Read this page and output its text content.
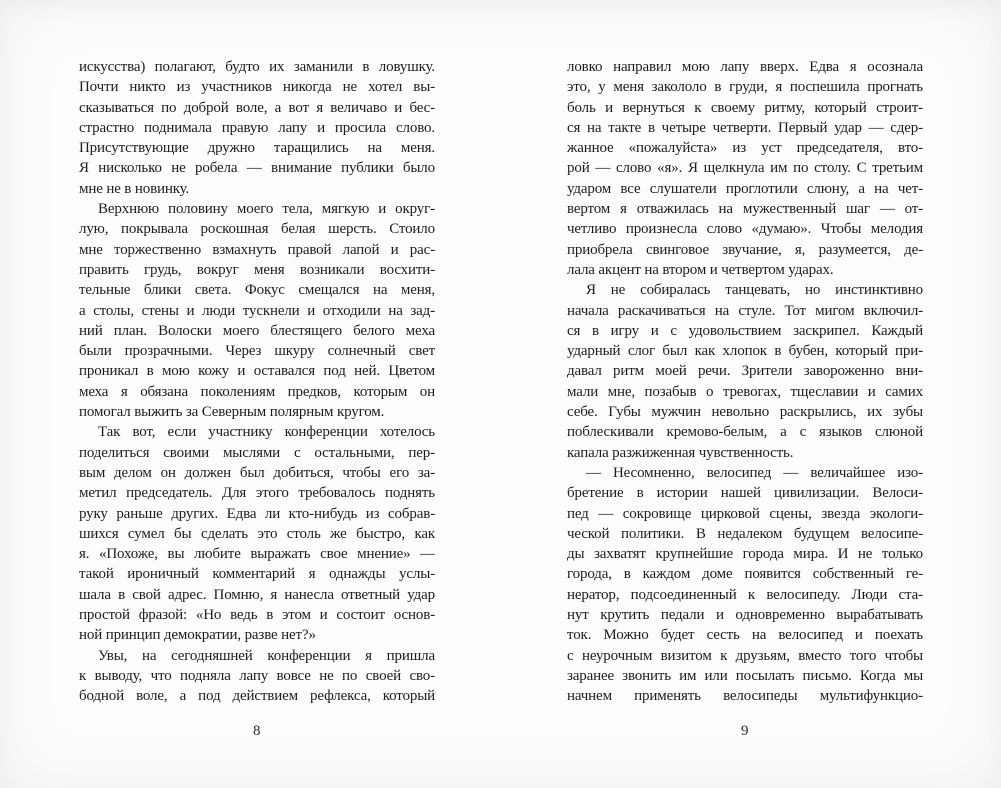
искусства) полагают, будто их заманили в ловушку.
Почти никто из участников никогда не хотел вы-
сказываться по доброй воле, а вот я величаво и бес-
страстно поднимала правую лапу и просила слово.
Присутствующие дружно таращились на меня.
Я нисколько не робела — внимание публики было
мне не в новинку.
Верхнюю половину моего тела, мягкую и округ-
лую, покрывала роскошная белая шерсть. Стоило
мне торжественно взмахнуть правой лапой и рас-
править грудь, вокруг меня возникали восхити-
тельные блики света. Фокус смещался на меня,
а столы, стены и люди тускнели и отходили на зад-
ний план. Волоски моего блестящего белого меха
были прозрачными. Через шкуру солнечный свет
проникал в мою кожу и оставался под ней. Цветом
меха я обязана поколениям предков, которым он
помогал выжить за Северным полярным кругом.
Так вот, если участнику конференции хотелось
поделиться своими мыслями с остальными, пер-
вым делом он должен был добиться, чтобы его за-
метил председатель. Для этого требовалось поднять
руку раньше других. Едва ли кто-нибудь из собрав-
шихся сумел бы сделать это столь же быстро, как
я. «Похоже, вы любите выражать свое мнение» —
такой ироничный комментарий я однажды услы-
шала в свой адрес. Помню, я нанесла ответный удар
простой фразой: «Но ведь в этом и состоит основ-
ной принцип демократии, разве нет?»
Увы, на сегодняшней конференции я пришла
к выводу, что подняла лапу вовсе не по своей сво-
бодной воле, а под действием рефлекса, который
8
ловко направил мою лапу вверх. Едва я осознала
это, у меня закололо в груди, я поспешила прогнать
боль и вернуться к своему ритму, который строит-
ся на такте в четыре четверти. Первый удар — сдер-
жанное «пожалуйста» из уст председателя, вто-
рой — слово «я». Я щелкнула им по столу. С третьим
ударом все слушатели проглотили слюну, а на чет-
вертом я отважилась на мужественный шаг — от-
четливо произнесла слово «думаю». Чтобы мелодия
приобрела свинговое звучание, я, разумеется, де-
лала акцент на втором и четвертом ударах.
Я не собиралась танцевать, но инстинктивно
начала раскачиваться на стуле. Тот мигом включил-
ся в игру и с удовольствием заскрипел. Каждый
ударный слог был как хлопок в бубен, который при-
давал ритм моей речи. Зрители завороженно вни-
мали мне, позабыв о тревогах, тщеславии и самих
себе. Губы мужчин невольно раскрылись, их зубы
поблескивали кремово-белым, а с языков слюной
капала разжиженная чувственность.
— Несомненно, велосипед — величайшее изо-
бретение в истории нашей цивилизации. Велоси-
пед — сокровище цирковой сцены, звезда экологи-
ческой политики. В недалеком будущем велосипе-
ды захватят крупнейшие города мира. И не только
города, в каждом доме появится собственный ге-
нератор, подсоединенный к велосипеду. Люди ста-
нут крутить педали и одновременно вырабатывать
ток. Можно будет сесть на велосипед и поехать
с неурочным визитом к друзьям, вместо того чтобы
заранее звонить им или посылать письмо. Когда мы
начнем применять велосипеды мультифункцио-
9
